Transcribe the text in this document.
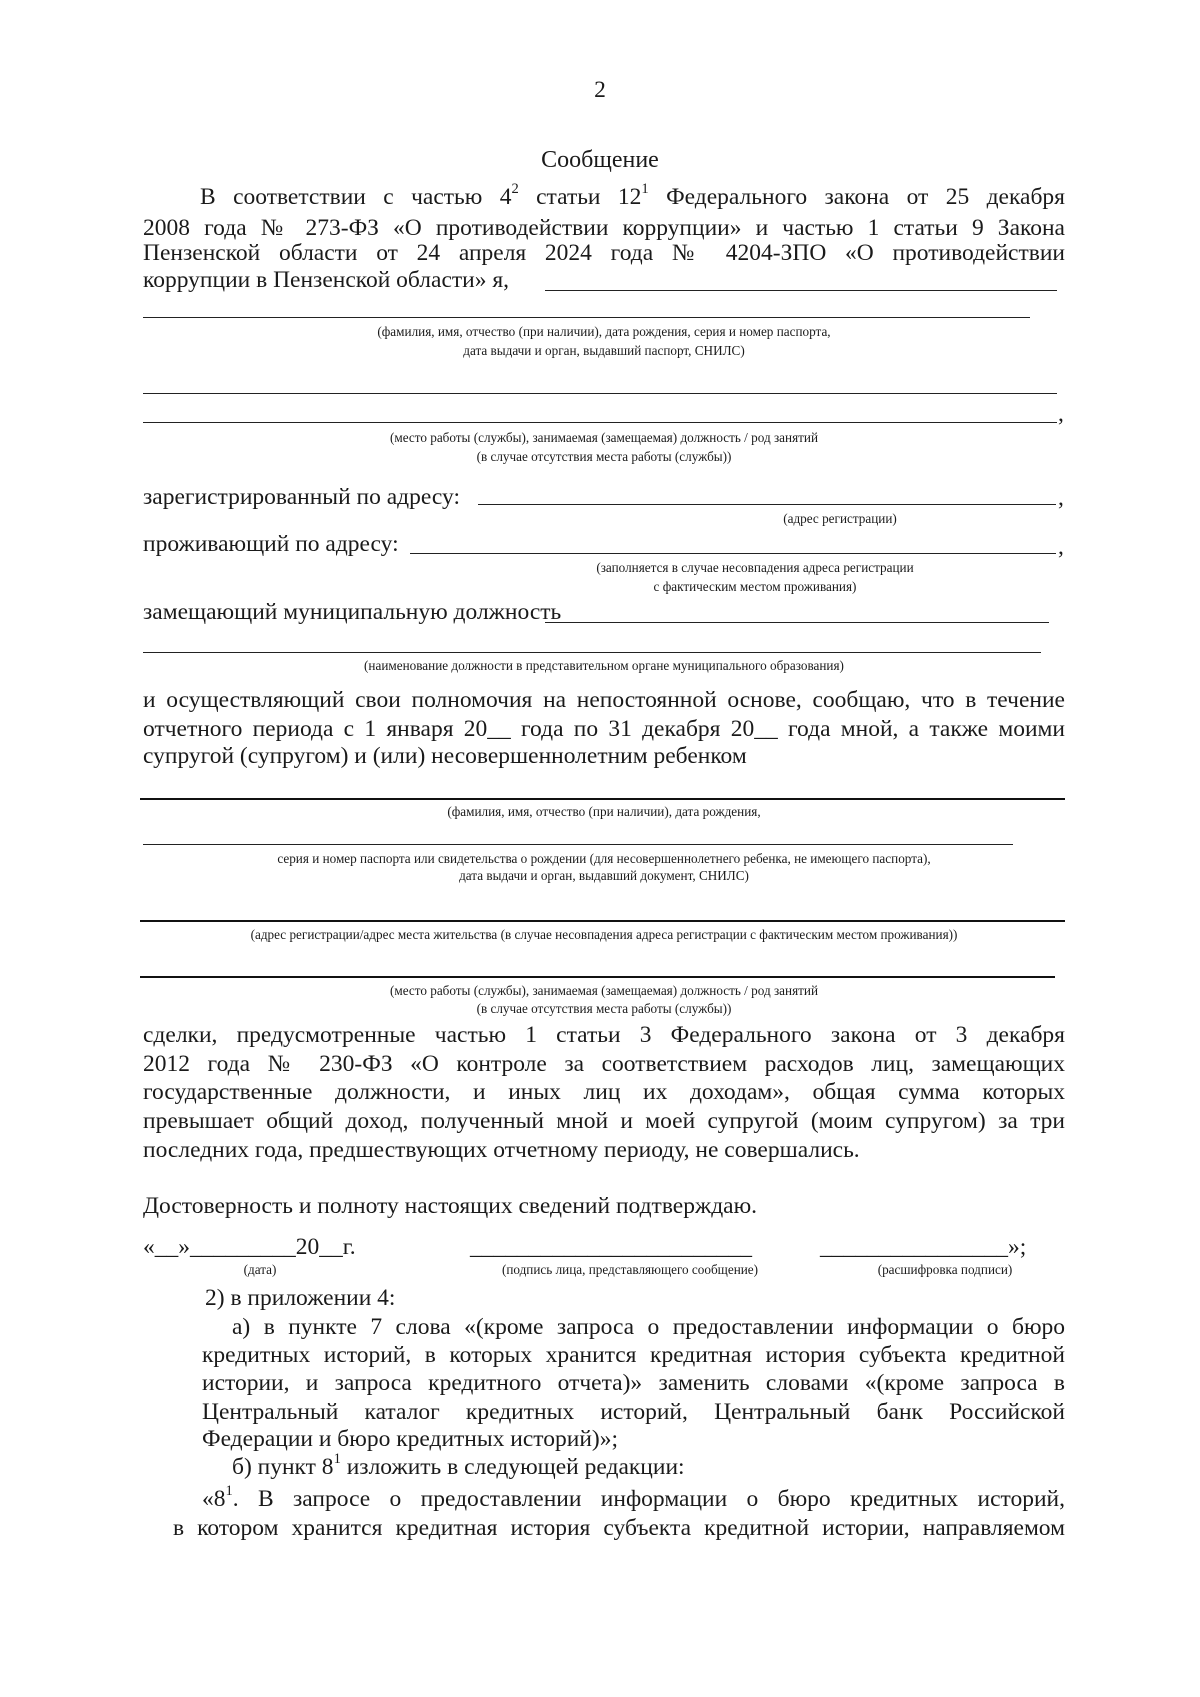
2
Сообщение
В соответствии с частью $4^2$ статьи $12^1$ Федерального закона от 25 декабря
2008 года № 273-ФЗ «О противодействии коррупции» и частью 1 статьи 9 Закона
Пензенской области от 24 апреля 2024 года № 4204-ЗПО «О противодействии
коррупции в Пензенской области» я,
(фамилия, имя, отчество (при наличии), дата рождения, серия и номер паспорта,
дата выдачи и орган, выдавший паспорт, СНИЛС)
,
(место работы (службы), занимаемая (замещаемая) должность / род занятий
(в случае отсутствия места работы (службы))
зарегистрированный по адресу:	,
(адрес регистрации)
проживающий по адресу:	,
(заполняется в случае несовпадения адреса регистрации
с фактическим местом проживания)
замещающий муниципальную должность
(наименование должности в представительном органе муниципального образования)
и осуществляющий свои полномочия на непостоянной основе, сообщаю, что в течение
отчетного периода с 1 января 20__ года по 31 декабря 20__ года мной, а также моими
супругой (супругом) и (или) несовершеннолетним ребенком
(фамилия, имя, отчество (при наличии), дата рождения,
серия и номер паспорта или свидетельства о рождении (для несовершеннолетнего ребенка, не имеющего паспорта),
дата выдачи и орган, выдавший документ, СНИЛС)
(адрес регистрации/адрес места жительства (в случае несовпадения адреса регистрации с фактическим местом проживания))
(место работы (службы), занимаемая (замещаемая) должность / род занятий
(в случае отсутствия места работы (службы))
сделки, предусмотренные частью 1 статьи 3 Федерального закона от 3 декабря
2012 года № 230-ФЗ «О контроле за соответствием расходов лиц, замещающих
государственные должности, и иных лиц их доходам», общая сумма которых
превышает общий доход, полученный мной и моей супругой (моим супругом) за три
последних года, предшествующих отчетному периоду, не совершались.
Достоверность и полноту настоящих сведений подтверждаю.
«__»_________20__г.	________________________	________________»;
(дата)	(подпись лица, представляющего сообщение)	(расшифровка подписи)
2) в приложении 4:
а) в пункте 7 слова «(кроме запроса о предоставлении информации о бюро
кредитных историй, в которых хранится кредитная история субъекта кредитной
истории, и запроса кредитного отчета)» заменить словами «(кроме запроса в
Центральный каталог кредитных историй, Центральный банк Российской
Федерации и бюро кредитных историй)»;
б) пункт $8^1$ изложить в следующей редакции:
«$8^1$. В запросе о предоставлении информации о бюро кредитных историй,
в котором хранится кредитная история субъекта кредитной истории, направляемом
